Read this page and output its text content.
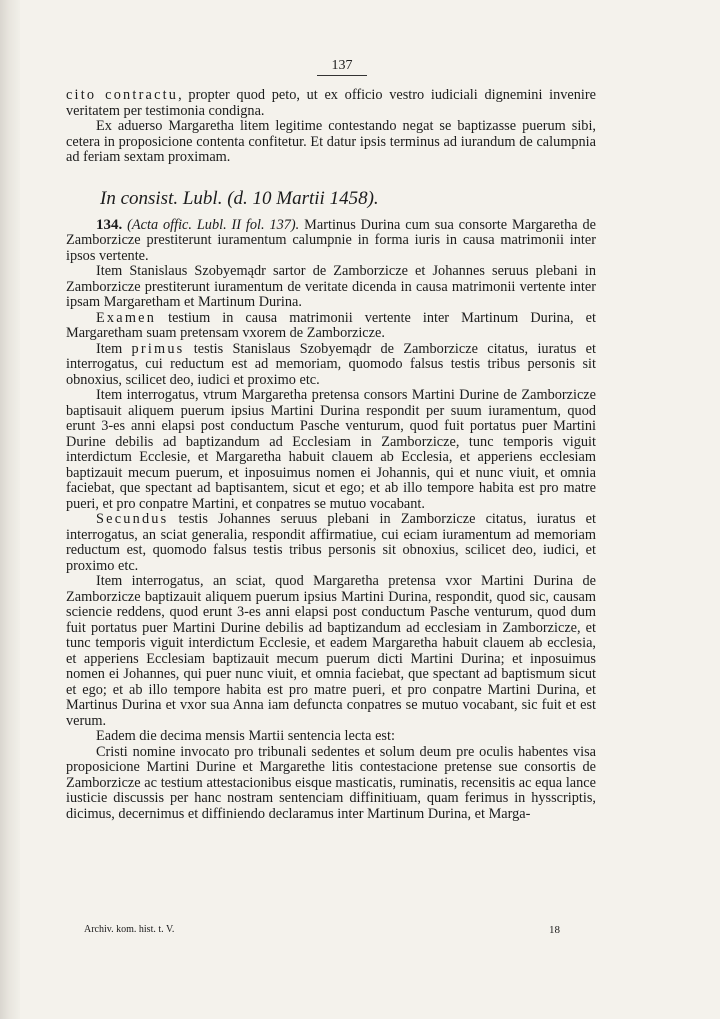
137

cito contractu, propter quod peto, ut ex officio vestro iudiciali dignemini invenire veritatem per testimonia condigna.

Ex aduerso Margaretha litem legitime contestando negat se baptizasse puerum sibi, cetera in proposicione contenta confitetur. Et datur ipsis terminus ad iurandum de calumpnia ad feriam sextam proximam.

In consist. Lubl. (d. 10 Martii 1458).

134. (Acta offic. Lubl. II fol. 137). Martinus Durina cum sua consorte Margaretha de Zamborzicze prestiterunt iuramentum calumpnie in forma iuris in causa matrimonii inter ipsos vertente.

Item Stanislaus Szobyemądr sartor de Zamborzicze et Johannes seruus plebani in Zamborzicze prestiterunt iuramentum de veritate dicenda in causa matrimonii vertente inter ipsam Margaretham et Martinum Durina.

Examen testium in causa matrimonii vertente inter Martinum Durina, et Margaretham suam pretensam vxorem de Zamborzicze.

Item primus testis Stanislaus Szobyemądr de Zamborzicze citatus, iuratus et interrogatus, cui reductum est ad memoriam, quomodo falsus testis tribus personis sit obnoxius, scilicet deo, iudici et proximo etc.

Item interrogatus, vtrum Margaretha pretensa consors Martini Durine de Zamborzicze baptisauit aliquem puerum ipsius Martini Durina respondit per suum iuramentum, quod erunt 3-es anni elapsi post conductum Pasche venturum, quod fuit portatus puer Martini Durine debilis ad baptizandum ad Ecclesiam in Zamborzicze, tunc temporis viguit interdictum Ecclesie, et Margaretha habuit clauem ab Ecclesia, et apperiens ecclesiam baptizauit mecum puerum, et inposuimus nomen ei Johannis, qui et nunc viuit, et omnia faciebat, que spectant ad baptisantem, sicut et ego; et ab illo tempore habita est pro matre pueri, et pro conpatre Martini, et conpatres se mutuo vocabant.

Secundus testis Johannes seruus plebani in Zamborzicze citatus, iuratus et interrogatus, an sciat generalia, respondit affirmatiue, cui eciam iuramentum ad memoriam reductum est, quomodo falsus testis tribus personis sit obnoxius, scilicet deo, iudici, et proximo etc.

Item interrogatus, an sciat, quod Margaretha pretensa vxor Martini Durina de Zamborzicze baptizauit aliquem puerum ipsius Martini Durina, respondit, quod sic, causam sciencie reddens, quod erunt 3-es anni elapsi post conductum Pasche venturum, quod dum fuit portatus puer Martini Durine debilis ad baptizandum ad ecclesiam in Zamborzicze, et tunc temporis viguit interdictum Ecclesie, et eadem Margaretha habuit clauem ab ecclesia, et apperiens Ecclesiam baptizauit mecum puerum dicti Martini Durina; et inposuimus nomen ei Johannes, qui puer nunc viuit, et omnia faciebat, que spectant ad baptismum sicut et ego; et ab illo tempore habita est pro matre pueri, et pro conpatre Martini Durina, et Martinus Durina et vxor sua Anna iam defuncta conpatres se mutuo vocabant, sic fuit et est verum.

Eadem die decima mensis Martii sentencia lecta est:

Cristi nomine invocato pro tribunali sedentes et solum deum pre oculis habentes visa proposicione Martini Durine et Margarethe litis contestacione pretense sue consortis de Zamborzicze ac testium attestacionibus eisque masticatis, ruminatis, recensitis ac equa lance iusticie discussis per hanc nostram sentenciam diffinitiuam, quam ferimus in hysscriptis, dicimus, decernimus et diffiniendo declaramus inter Martinum Durina, et Marga-

Archiv. kom. hist. t. V.	18
